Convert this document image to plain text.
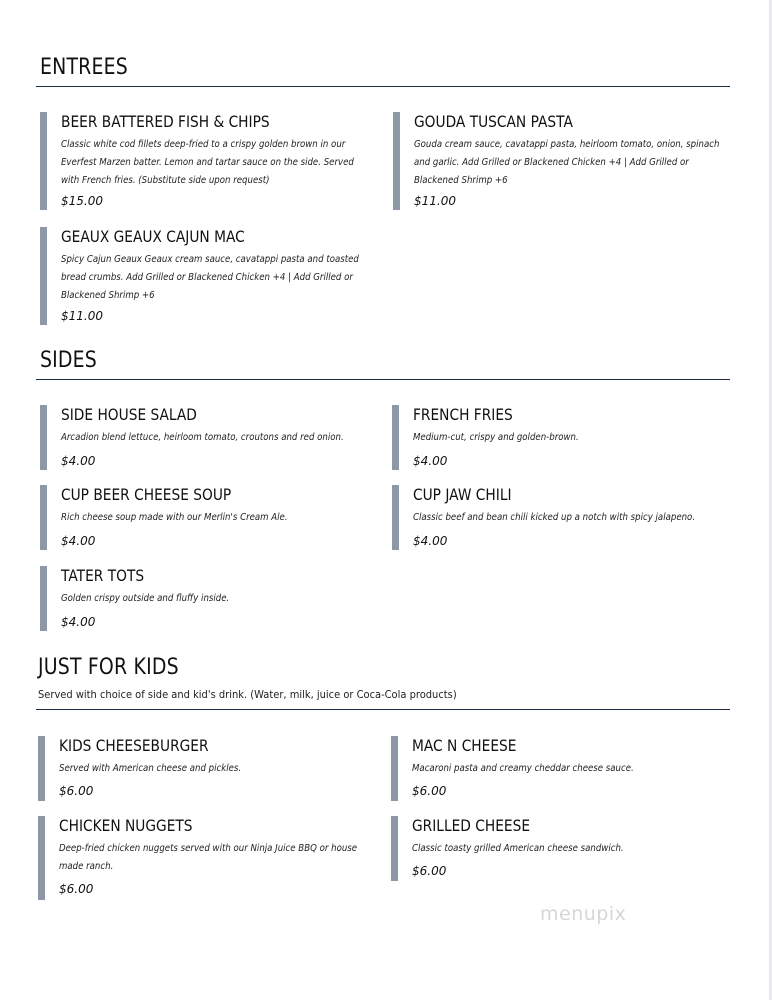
ENTREES
BEER BATTERED FISH & CHIPS

Classic white cod fillets deep-fried to a crispy golden brown in our Everfest Marzen batter. Lemon and tartar sauce on the side. Served with French fries. (Substitute side upon request)

$15.00

GOUDA TUSCAN PASTA

Gouda cream sauce, cavatappi pasta, heirloom tomato, onion, spinach and garlic. Add Grilled or Blackened Chicken +4 | Add Grilled or Blackened Shrimp +6

$11.00

GEAUX GEAUX CAJUN MAC

Spicy Cajun Geaux Geaux cream sauce, cavatappi pasta and toasted bread crumbs. Add Grilled or Blackened Chicken +4 | Add Grilled or Blackened Shrimp +6

$11.00

SIDES
SIDE HOUSE SALAD

Arcadion blend lettuce, heirloom tomato, croutons and red onion.

$4.00

FRENCH FRIES

Medium-cut, crispy and golden-brown.

$4.00

CUP BEER CHEESE SOUP

Rich cheese soup made with our Merlin's Cream Ale.

$4.00

CUP JAW CHILI

Classic beef and bean chili kicked up a notch with spicy jalapeno.

$4.00

TATER TOTS

Golden crispy outside and fluffy inside.

$4.00

JUST FOR KIDS

Served with choice of side and kid's drink. (Water, milk, juice or Coca-Cola products)

KIDS CHEESEBURGER

Served with American cheese and pickles.

$6.00

MAC N CHEESE

Macaroni pasta and creamy cheddar cheese sauce.

$6.00

CHICKEN NUGGETS

Deep-fried chicken nuggets served with our Ninja Juice BBQ or house made ranch.

$6.00

GRILLED CHEESE

Classic toasty grilled American cheese sandwich.

$6.00

menupix
